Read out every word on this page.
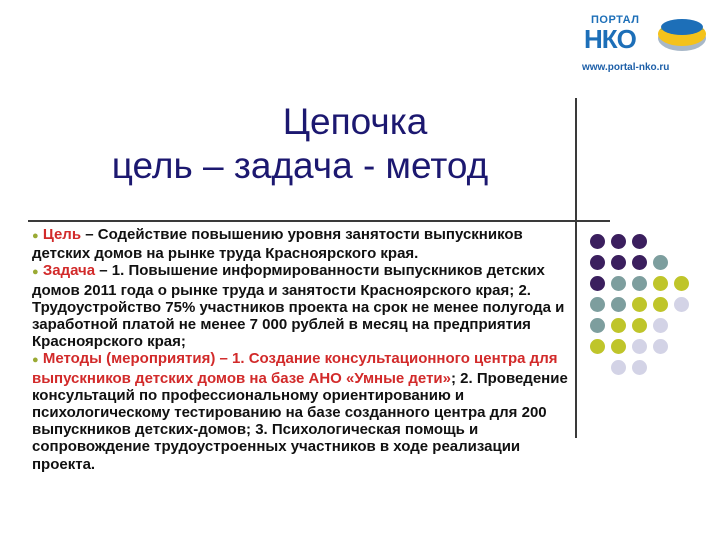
ПОРТАЛ
НКО
www.portal-nko.ru
Цепочка
цель – задача - метод

● Цель – Содействие повышению уровня занятости выпускников детских домов на рынке труда Красноярского края.

● Задача – 1. Повышение информированности выпускников детских домов 2011 года о рынке труда и занятости Красноярского края; 2. Трудоустройство 75% участников проекта на срок не менее полугода и заработной платой не менее 7 000 рублей в месяц на предприятия Красноярского края;

● Методы (мероприятия) – 1. Создание консультационного центра для выпускников детских домов на базе АНО «Умные дети»; 2. Проведение консультаций по профессиональному ориентированию и психологическому тестированию на базе созданного центра для 200 выпускников детских-домов; 3. Психологическая помощь и сопровождение трудоустроенных участников в ходе реализации проекта.
